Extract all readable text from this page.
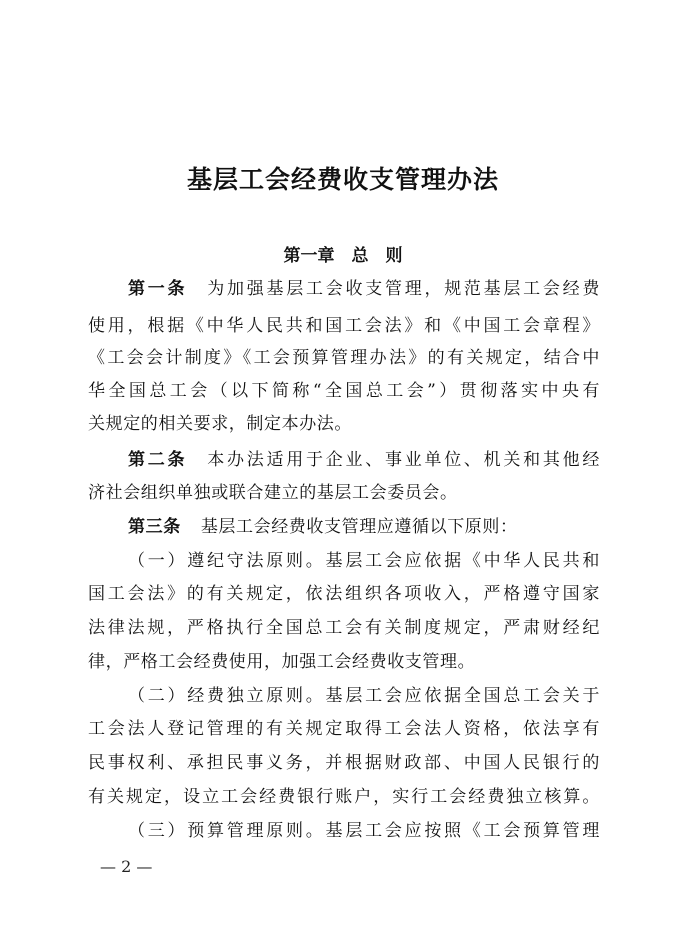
基层工会经费收支管理办法
第一章　总　则
第一条 为加强基层工会收支管理，规范基层工会经费
使用，根据《中华人民共和国工会法》和《中国工会章程》
《工会会计制度》《工会预算管理办法》的有关规定，结合中
华全国总工会（以下简称“全国总工会”）贯彻落实中央有
关规定的相关要求，制定本办法。
第二条 本办法适用于企业、事业单位、机关和其他经
济社会组织单独或联合建立的基层工会委员会。
第三条 基层工会经费收支管理应遵循以下原则：
（一）遵纪守法原则。基层工会应依据《中华人民共和
国工会法》的有关规定，依法组织各项收入，严格遵守国家
法律法规，严格执行全国总工会有关制度规定，严肃财经纪
律，严格工会经费使用，加强工会经费收支管理。
（二）经费独立原则。基层工会应依据全国总工会关于
工会法人登记管理的有关规定取得工会法人资格，依法享有
民事权利、承担民事义务，并根据财政部、中国人民银行的
有关规定，设立工会经费银行账户，实行工会经费独立核算。
（三）预算管理原则。基层工会应按照《工会预算管理
— 2 —
